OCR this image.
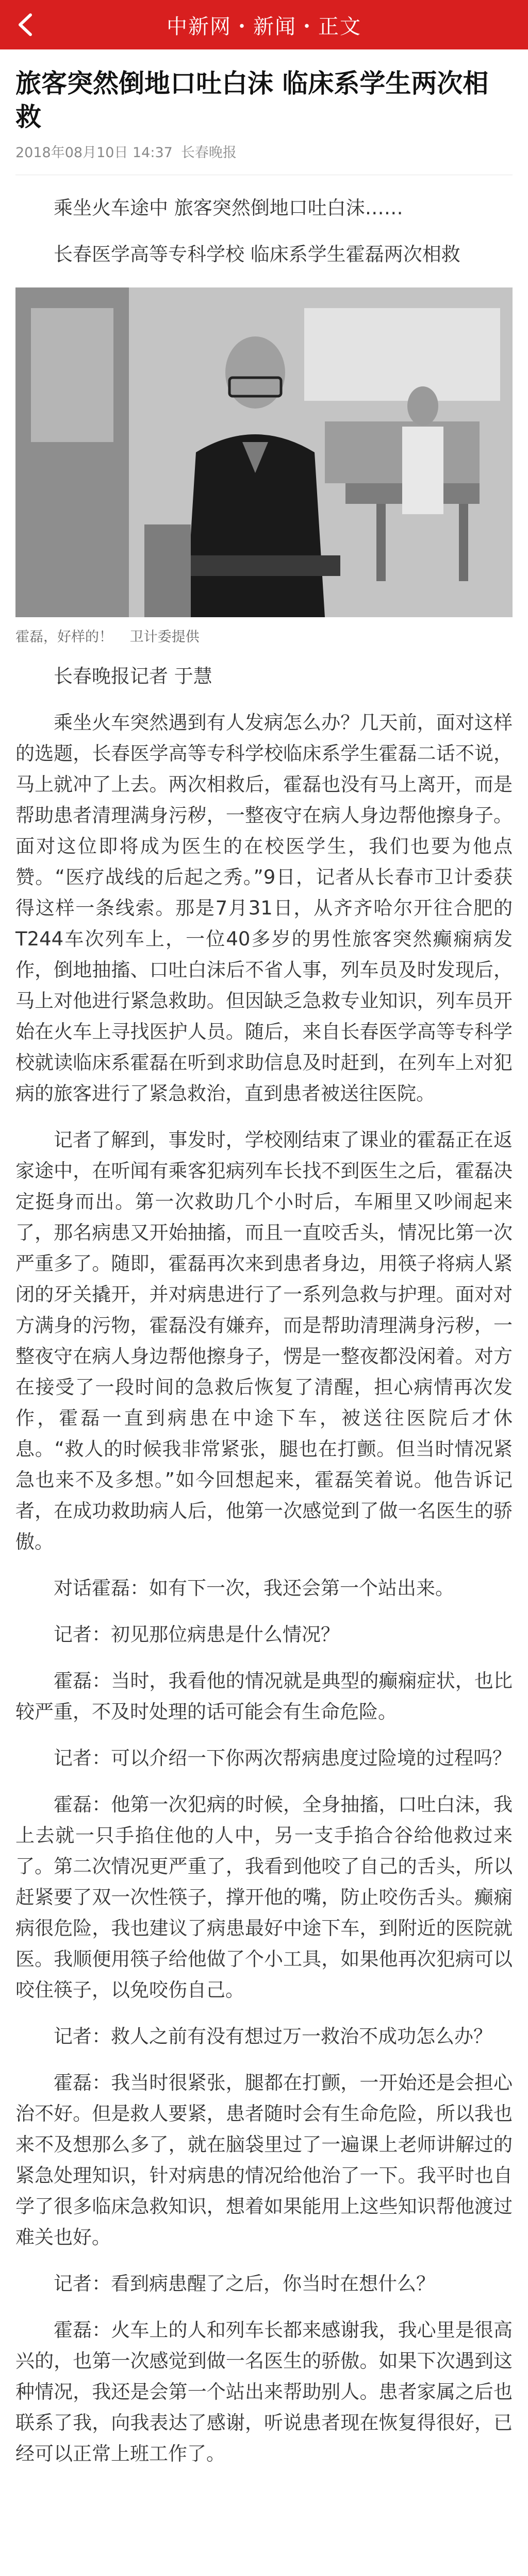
中新网・新闻・正文
旅客突然倒地口吐白沫 临床系学生两次相救
2018年08月10日 14:37 长春晚报

乘坐火车途中 旅客突然倒地口吐白沫……

长春医学高等专科学校 临床系学生霍磊两次相救

霍磊，好样的！ 卫计委提供

长春晚报记者 于慧

乘坐火车突然遇到有人发病怎么办？几天前，面对这样的选题，长春医学高等专科学校临床系学生霍磊二话不说，马上就冲了上去。两次相救后，霍磊也没有马上离开，而是帮助患者清理满身污秽，一整夜守在病人身边帮他擦身子。面对这位即将成为医生的在校医学生，我们也要为他点赞。“医疗战线的后起之秀。”9日，记者从长春市卫计委获得这样一条线索。那是7月31日，从齐齐哈尔开往合肥的T244车次列车上，一位40多岁的男性旅客突然癫痫病发作，倒地抽搐、口吐白沫后不省人事，列车员及时发现后，马上对他进行紧急救助。但因缺乏急救专业知识，列车员开始在火车上寻找医护人员。随后，来自长春医学高等专科学校就读临床系霍磊在听到求助信息及时赶到，在列车上对犯病的旅客进行了紧急救治，直到患者被送往医院。

记者了解到，事发时，学校刚结束了课业的霍磊正在返家途中，在听闻有乘客犯病列车长找不到医生之后，霍磊决定挺身而出。第一次救助几个小时后，车厢里又吵闹起来了，那名病患又开始抽搐，而且一直咬舌头，情况比第一次严重多了。随即，霍磊再次来到患者身边，用筷子将病人紧闭的牙关撬开，并对病患进行了一系列急救与护理。面对对方满身的污物，霍磊没有嫌弃，而是帮助清理满身污秽，一整夜守在病人身边帮他擦身子，愣是一整夜都没闲着。对方在接受了一段时间的急救后恢复了清醒，担心病情再次发作，霍磊一直到病患在中途下车，被送往医院后才休息。“救人的时候我非常紧张，腿也在打颤。但当时情况紧急也来不及多想。”如今回想起来，霍磊笑着说。他告诉记者，在成功救助病人后，他第一次感觉到了做一名医生的骄傲。

对话霍磊：如有下一次，我还会第一个站出来。

记者：初见那位病患是什么情况？

霍磊：当时，我看他的情况就是典型的癫痫症状，也比较严重，不及时处理的话可能会有生命危险。

记者：可以介绍一下你两次帮病患度过险境的过程吗？

霍磊：他第一次犯病的时候，全身抽搐，口吐白沫，我上去就一只手掐住他的人中，另一支手掐合谷给他救过来了。第二次情况更严重了，我看到他咬了自己的舌头，所以赶紧要了双一次性筷子，撑开他的嘴，防止咬伤舌头。癫痫病很危险，我也建议了病患最好中途下车，到附近的医院就医。我顺便用筷子给他做了个小工具，如果他再次犯病可以咬住筷子，以免咬伤自己。

记者：救人之前有没有想过万一救治不成功怎么办？

霍磊：我当时很紧张，腿都在打颤，一开始还是会担心治不好。但是救人要紧，患者随时会有生命危险，所以我也来不及想那么多了，就在脑袋里过了一遍课上老师讲解过的紧急处理知识，针对病患的情况给他治了一下。我平时也自学了很多临床急救知识，想着如果能用上这些知识帮他渡过难关也好。

记者：看到病患醒了之后，你当时在想什么？

霍磊：火车上的人和列车长都来感谢我，我心里是很高兴的，也第一次感觉到做一名医生的骄傲。如果下次遇到这种情况，我还是会第一个站出来帮助别人。患者家属之后也联系了我，向我表达了感谢，听说患者现在恢复得很好，已经可以正常上班工作了。
